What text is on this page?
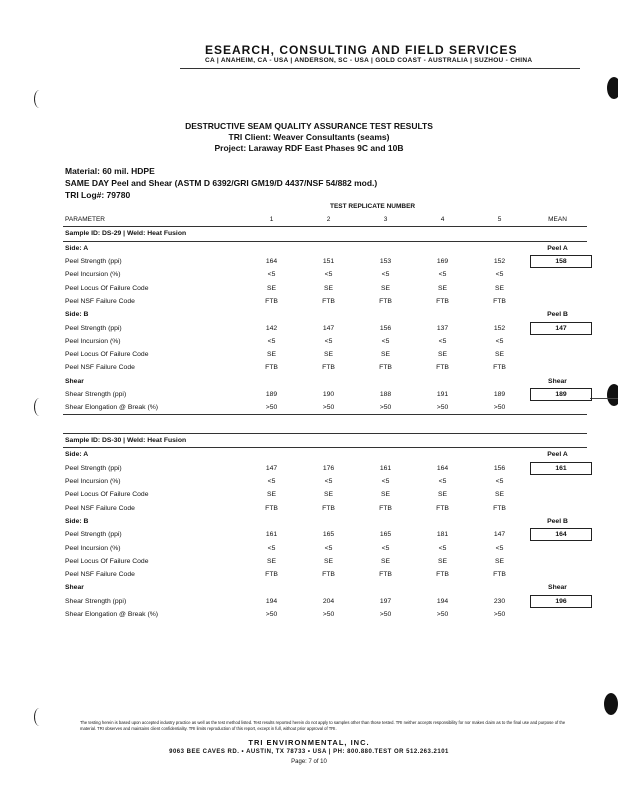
ESEARCH, CONSULTING AND FIELD SERVICES
CA | ANAHEIM, CA - USA | ANDERSON, SC - USA | GOLD COAST - AUSTRALIA | SUZHOU - CHINA
DESTRUCTIVE SEAM QUALITY ASSURANCE TEST RESULTS
TRI Client: Weaver Consultants (seams)
Project: Laraway RDF East Phases 9C and 10B
Material: 60 mil. HDPE
SAME DAY Peel and Shear (ASTM D 6392/GRI GM19/D 4437/NSF 54/882 mod.)
TRI Log#: 79780
TEST REPLICATE NUMBER
PARAMETER	1	2	3	4	5	MEAN
Sample ID: DS-29 | Weld: Heat Fusion						
Side: A						Peel A
Peel Strength (ppi)	164	151	153	169	152	158
Peel Incursion (%)	<5	<5	<5	<5	<5	
Peel Locus Of Failure Code	SE	SE	SE	SE	SE	
Peel NSF Failure Code	FTB	FTB	FTB	FTB	FTB	
Side: B						Peel B
Peel Strength (ppi)	142	147	156	137	152	147
Peel Incursion (%)	<5	<5	<5	<5	<5	
Peel Locus Of Failure Code	SE	SE	SE	SE	SE	
Peel NSF Failure Code	FTB	FTB	FTB	FTB	FTB	
Shear						Shear
Shear Strength (ppi)	189	190	188	191	189	189
Shear Elongation @ Break (%)	>50	>50	>50	>50	>50	
Sample ID: DS-30 | Weld: Heat Fusion						
Side: A						Peel A
Peel Strength (ppi)	147	176	161	164	156	161
Peel Incursion (%)	<5	<5	<5	<5	<5	
Peel Locus Of Failure Code	SE	SE	SE	SE	SE	
Peel NSF Failure Code	FTB	FTB	FTB	FTB	FTB	
Side: B						Peel B
Peel Strength (ppi)	161	165	165	181	147	164
Peel Incursion (%)	<5	<5	<5	<5	<5	
Peel Locus Of Failure Code	SE	SE	SE	SE	SE	
Peel NSF Failure Code	FTB	FTB	FTB	FTB	FTB	
Shear						Shear
Shear Strength (ppi)	194	204	197	194	230	196
Shear Elongation @ Break (%)	>50	>50	>50	>50	>50	
The testing herein is based upon accepted industry practice as well as the test method listed. Test results reported herein do not apply to samples other than those tested. TRI neither accepts responsibility for nor makes claim as to the final use and purpose of the material. TRI observes and maintains client confidentiality. TRI limits reproduction of this report, except in full, without prior approval of TRI.
TRI ENVIRONMENTAL, INC.
9063 BEE CAVES RD. • AUSTIN, TX 78733 • USA | PH: 800.880.TEST OR 512.263.2101
Page: 7 of 10
